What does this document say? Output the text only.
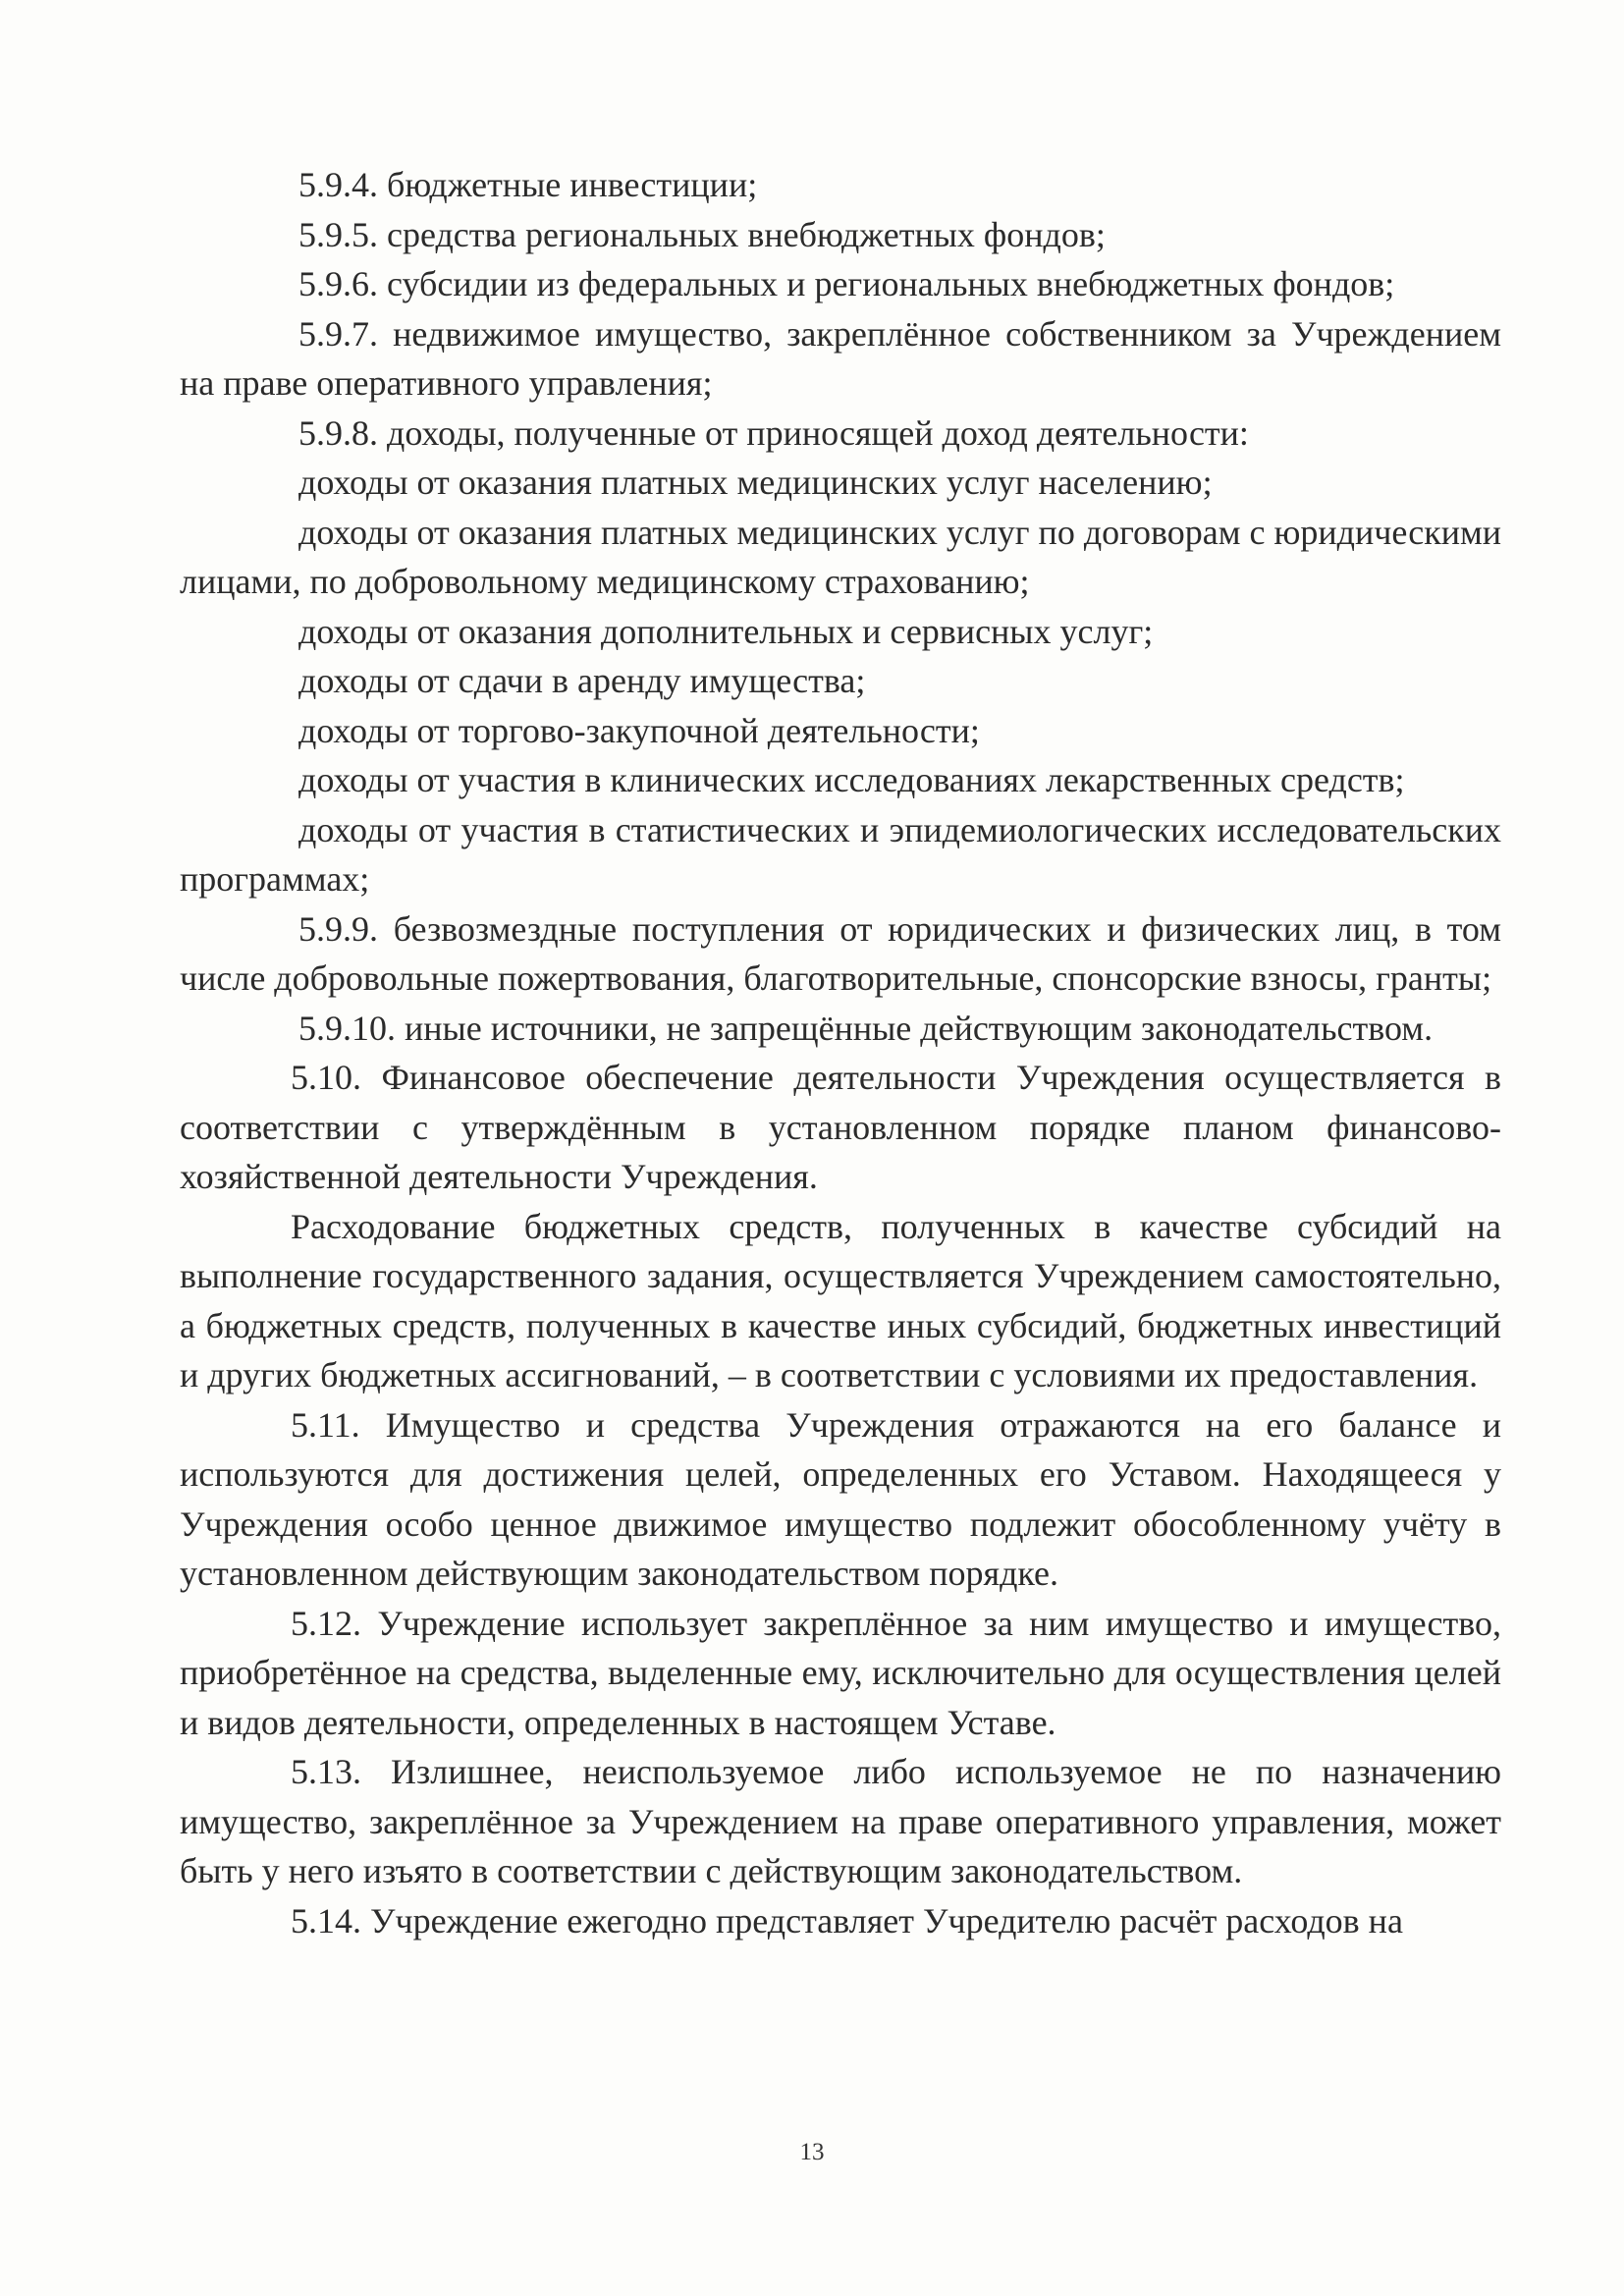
5.9.4. бюджетные инвестиции;

5.9.5. средства региональных внебюджетных фондов;

5.9.6. субсидии из федеральных и региональных внебюджетных фондов;

5.9.7. недвижимое имущество, закреплённое собственником за Учреждением на праве оперативного управления;

5.9.8. доходы, полученные от приносящей доход деятельности:

доходы от оказания платных медицинских услуг населению;

доходы от оказания платных медицинских услуг по договорам с юридическими лицами, по добровольному медицинскому страхованию;

доходы от оказания дополнительных и сервисных услуг;

доходы от сдачи в аренду имущества;

доходы от торгово-закупочной деятельности;

доходы от участия в клинических исследованиях лекарственных средств;

доходы от участия в статистических и эпидемиологических исследовательских программах;

5.9.9. безвозмездные поступления от юридических и физических лиц, в том числе добровольные пожертвования, благотворительные, спонсорские взносы, гранты;

5.9.10. иные источники, не запрещённые действующим законодательством.

5.10. Финансовое обеспечение деятельности Учреждения осуществляется в соответствии с утверждённым в установленном порядке планом финансово-хозяйственной деятельности Учреждения.

Расходование бюджетных средств, полученных в качестве субсидий на выполнение государственного задания, осуществляется Учреждением самостоятельно, а бюджетных средств, полученных в качестве иных субсидий, бюджетных инвестиций и других бюджетных ассигнований, – в соответствии с условиями их предоставления.

5.11. Имущество и средства Учреждения отражаются на его балансе и используются для достижения целей, определенных его Уставом. Находящееся у Учреждения особо ценное движимое имущество подлежит обособленному учёту в установленном действующим законодательством порядке.

5.12. Учреждение использует закреплённое за ним имущество и имущество, приобретённое на средства, выделенные ему, исключительно для осуществления целей и видов деятельности, определенных в настоящем Уставе.

5.13. Излишнее, неиспользуемое либо используемое не по назначению имущество, закреплённое за Учреждением на праве оперативного управления, может быть у него изъято в соответствии с действующим законодательством.

5.14. Учреждение ежегодно представляет Учредителю расчёт расходов на

13
